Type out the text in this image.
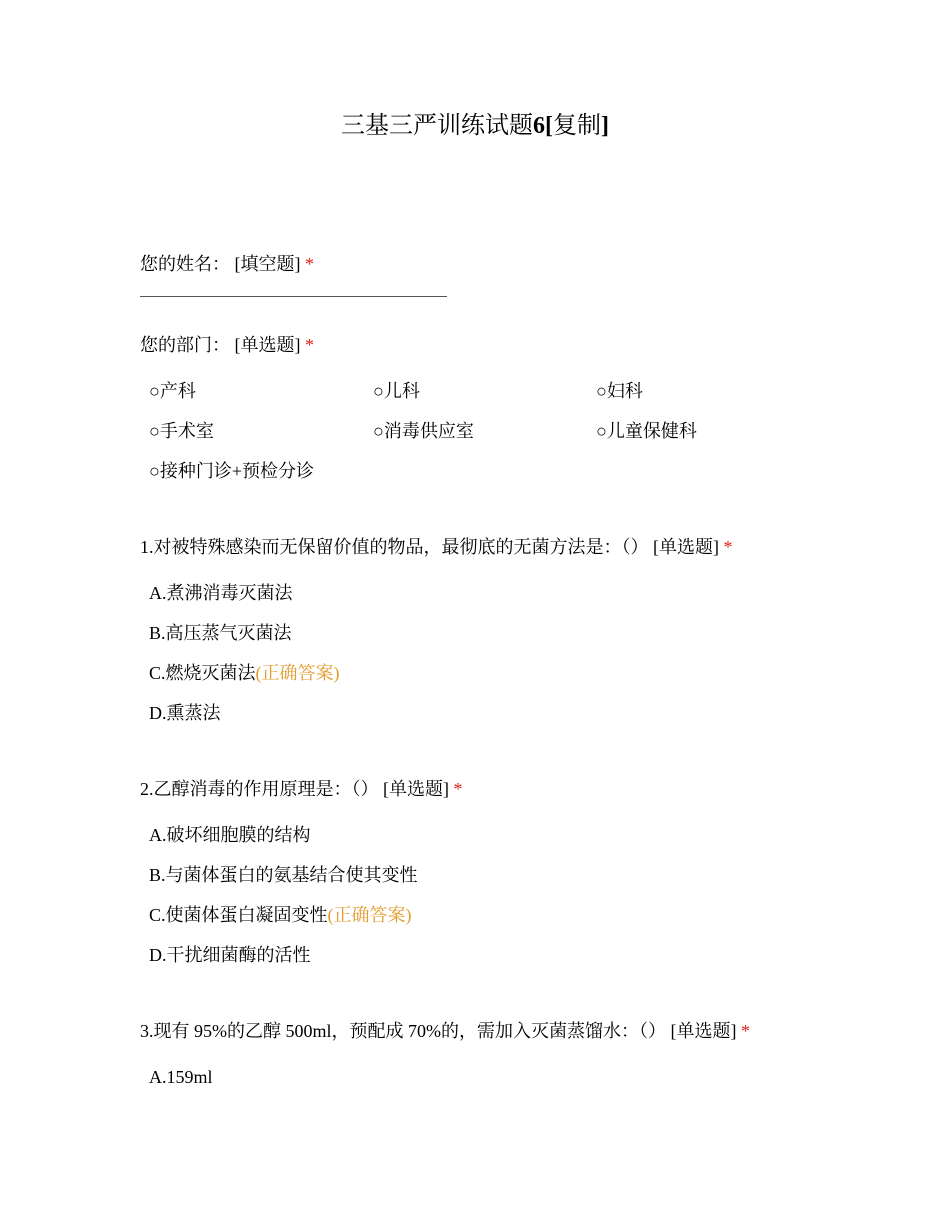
三基三严训练试题6[复制]
您的姓名： [填空题] *
您的部门： [单选题] *
○产科	○儿科	○妇科
○手术室	○消毒供应室	○儿童保健科
○接种门诊+预检分诊
1.对被特殊感染而无保留价值的物品，最彻底的无菌方法是：（） [单选题] *
A.煮沸消毒灭菌法
B.高压蒸气灭菌法
C.燃烧灭菌法(正确答案)
D.熏蒸法
2.乙醇消毒的作用原理是：（） [单选题] *
A.破坏细胞膜的结构
B.与菌体蛋白的氨基结合使其变性
C.使菌体蛋白凝固变性(正确答案)
D.干扰细菌酶的活性
3.现有 95%的乙醇 500ml，预配成 70%的，需加入灭菌蒸馏水：（） [单选题] *
A.159ml
